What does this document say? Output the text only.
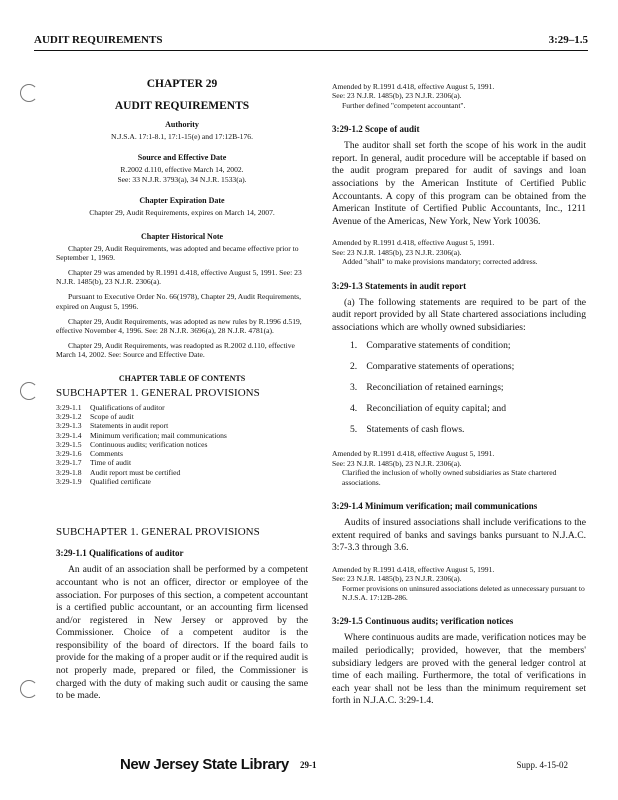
AUDIT REQUIREMENTS	3:29–1.5
CHAPTER 29
AUDIT REQUIREMENTS
Authority
N.J.S.A. 17:1-8.1, 17:1-15(e) and 17:12B-176.
Source and Effective Date
R.2002 d.110, effective March 14, 2002.
See: 33 N.J.R. 3793(a), 34 N.J.R. 1533(a).
Chapter Expiration Date
Chapter 29, Audit Requirements, expires on March 14, 2007.
Chapter Historical Note

Chapter 29, Audit Requirements, was adopted and became effective prior to September 1, 1969.

Chapter 29 was amended by R.1991 d.418, effective August 5, 1991. See: 23 N.J.R. 1485(b), 23 N.J.R. 2306(a).

Pursuant to Executive Order No. 66(1978), Chapter 29, Audit Requirements, expired on August 5, 1996.

Chapter 29, Audit Requirements, was adopted as new rules by R.1996 d.519, effective November 4, 1996. See: 28 N.J.R. 3696(a), 28 N.J.R. 4781(a).

Chapter 29, Audit Requirements, was readopted as R.2002 d.110, effective March 14, 2002. See: Source and Effective Date.

CHAPTER TABLE OF CONTENTS
SUBCHAPTER 1. GENERAL PROVISIONS
3:29-1.1 Qualifications of auditor
3:29-1.2 Scope of audit
3:29-1.3 Statements in audit report
3:29-1.4 Minimum verification; mail communications
3:29-1.5 Continuous audits; verification notices
3:29-1.6 Comments
3:29-1.7 Time of audit
3:29-1.8 Audit report must be certified
3:29-1.9 Qualified certificate
SUBCHAPTER 1. GENERAL PROVISIONS
3:29-1.1 Qualifications of auditor

An audit of an association shall be performed by a competent accountant who is not an officer, director or employee of the association. For purposes of this section, a competent accountant is a certified public accountant, or an accounting firm licensed and/or registered in New Jersey or approved by the Commissioner. Choice of a competent auditor is the responsibility of the board of directors. If the board fails to provide for the making of a proper audit or if the required audit is not properly made, prepared or filed, the Commissioner is charged with the duty of making such audit or causing the same to be made.

Amended by R.1991 d.418, effective August 5, 1991.
See: 23 N.J.R. 1485(b), 23 N.J.R. 2306(a).
Further defined "competent accountant".
3:29-1.2 Scope of audit

The auditor shall set forth the scope of his work in the audit report. In general, audit procedure will be acceptable if based on the audit program prepared for audit of savings and loan associations by the American Institute of Certified Public Accountants. A copy of this program can be obtained from the American Institute of Certified Public Accountants, Inc., 1211 Avenue of the Americas, New York, New York 10036.

Amended by R.1991 d.418, effective August 5, 1991.
See: 23 N.J.R. 1485(b), 23 N.J.R. 2306(a).
Added "shall" to make provisions mandatory; corrected address.
3:29-1.3 Statements in audit report

(a) The following statements are required to be part of the audit report provided by all State chartered associations including associations which are wholly owned subsidiaries:

1. Comparative statements of condition;
2. Comparative statements of operations;
3. Reconciliation of retained earnings;
4. Reconciliation of equity capital; and
5. Statements of cash flows.
Amended by R.1991 d.418, effective August 5, 1991.
See: 23 N.J.R. 1485(b), 23 N.J.R. 2306(a).
Clarified the inclusion of wholly owned subsidiaries as State chartered associations.
3:29-1.4 Minimum verification; mail communications

Audits of insured associations shall include verifications to the extent required of banks and savings banks pursuant to N.J.A.C. 3:7-3.3 through 3.6.

Amended by R.1991 d.418, effective August 5, 1991.
See: 23 N.J.R. 1485(b), 23 N.J.R. 2306(a).
Former provisions on uninsured associations deleted as unnecessary pursuant to N.J.S.A. 17:12B-286.
3:29-1.5 Continuous audits; verification notices

Where continuous audits are made, verification notices may be mailed periodically; provided, however, that the members' subsidiary ledgers are proved with the general ledger control at time of each mailing. Furthermore, the total of verifications in each year shall not be less than the minimum requirement set forth in N.J.A.C. 3:29-1.4.

New Jersey State Library 29-1	Supp. 4-15-02
